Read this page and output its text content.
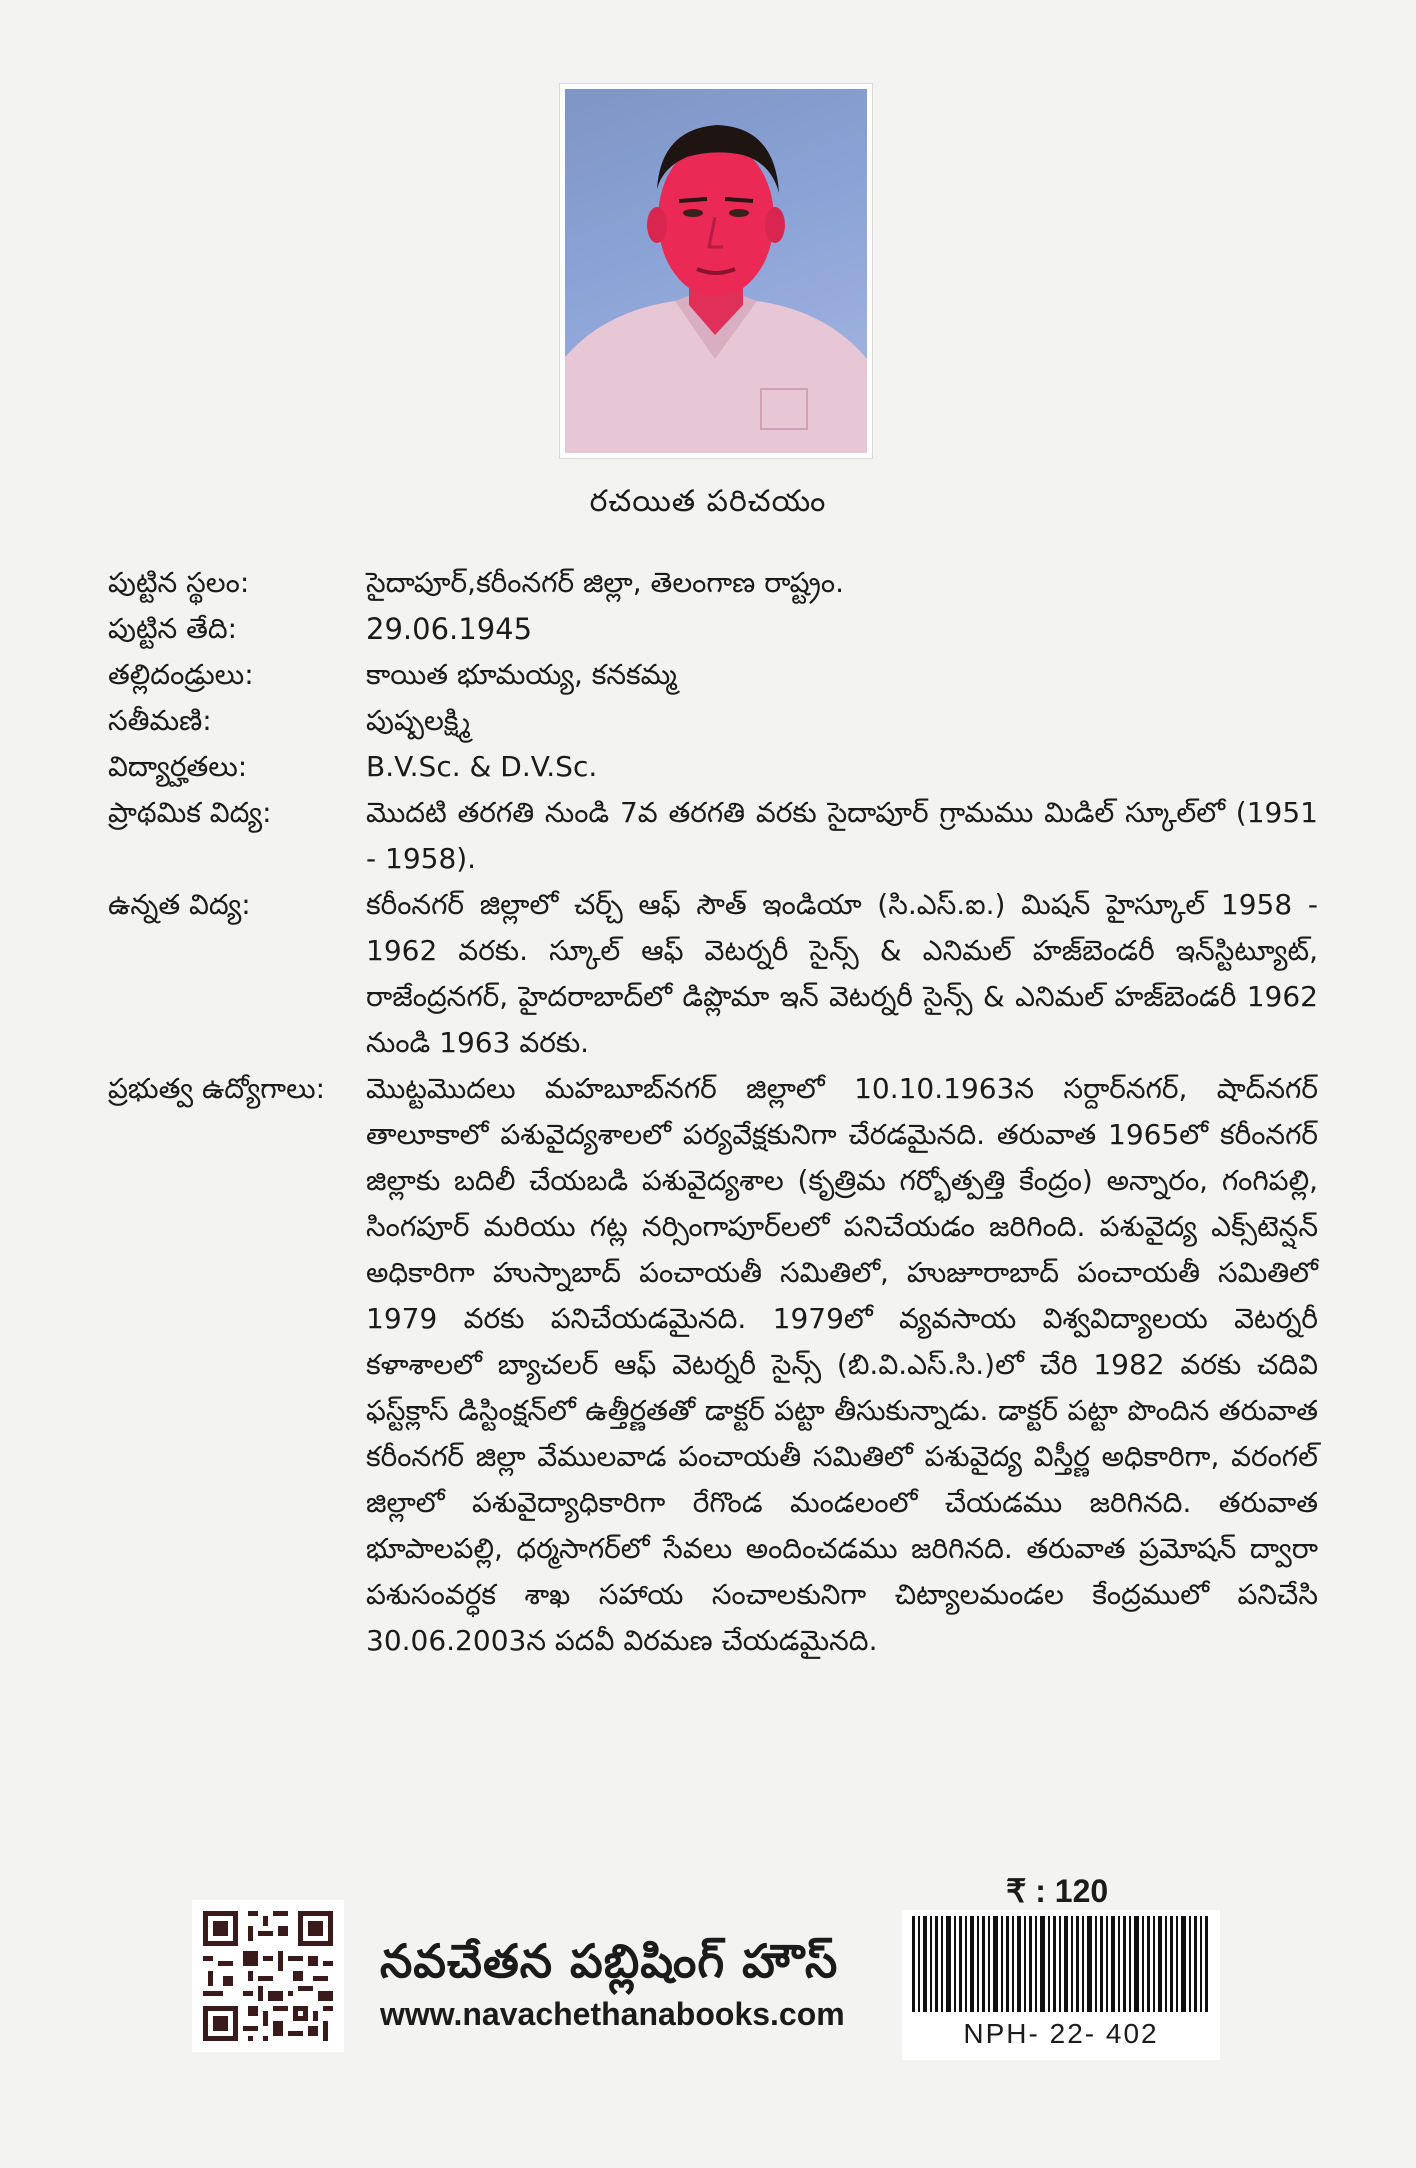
రచయిత పరిచయం
పుట్టిన స్థలం:	సైదాపూర్,కరీంనగర్ జిల్లా, తెలంగాణ రాష్ట్రం.
పుట్టిన తేది:	29.06.1945
తల్లిదండ్రులు:	కాయిత భూమయ్య, కనకమ్మ
సతీమణి:	పుష్పలక్ష్మి
విద్యార్హతలు:	B.V.Sc. & D.V.Sc.
ప్రాథమిక విద్య:	మొదటి తరగతి నుండి 7వ తరగతి వరకు సైదాపూర్ గ్రామము మిడిల్ స్కూల్‌లో (1951 - 1958).
ఉన్నత విద్య:	కరీంనగర్ జిల్లాలో చర్చ్ ఆఫ్ సౌత్ ఇండియా (సి.ఎస్.ఐ.) మిషన్ హైస్కూల్ 1958 - 1962 వరకు. స్కూల్ ఆఫ్ వెటర్నరీ సైన్స్ & ఎనిమల్ హజ్‌బెండరీ ఇన్‌స్టిట్యూట్, రాజేంద్రనగర్, హైదరాబాద్‌లో డిప్లొమా ఇన్ వెటర్నరీ సైన్స్ & ఎనిమల్ హజ్‌బెండరీ 1962 నుండి 1963 వరకు.
ప్రభుత్వ ఉద్యోగాలు:	మొట్టమొదలు మహబూబ్‌నగర్ జిల్లాలో 10.10.1963న సర్దార్‌నగర్, షాద్‌నగర్ తాలూకాలో పశువైద్యశాలలో పర్యవేక్షకునిగా చేరడమైనది. తరువాత 1965లో కరీంనగర్ జిల్లాకు బదిలీ చేయబడి పశువైద్యశాల (కృత్రిమ గర్భోత్పత్తి కేంద్రం) అన్నారం, గంగిపల్లి, సింగపూర్ మరియు గట్ల నర్సింగాపూర్‌లలో పనిచేయడం జరిగింది. పశువైద్య ఎక్స్‌టెన్షన్ అధికారిగా హుస్నాబాద్ పంచాయతీ సమితిలో, హుజూరాబాద్ పంచాయతీ సమితిలో 1979 వరకు పనిచేయడమైనది. 1979లో వ్యవసాయ విశ్వవిద్యాలయ వెటర్నరీ కళాశాలలో బ్యాచలర్ ఆఫ్ వెటర్నరీ సైన్స్ (బి.వి.ఎస్.సి.)లో చేరి 1982 వరకు చదివి ఫస్ట్‌క్లాస్ డిస్టింక్షన్‌లో ఉత్తీర్ణతతో డాక్టర్ పట్టా తీసుకున్నాడు. డాక్టర్ పట్టా పొందిన తరువాత కరీంనగర్ జిల్లా వేములవాడ పంచాయతీ సమితిలో పశువైద్య విస్తీర్ణ అధికారిగా, వరంగల్ జిల్లాలో పశువైద్యాధికారిగా రేగొండ మండలంలో చేయడము జరిగినది. తరువాత భూపాలపల్లి, ధర్మసాగర్‌లో సేవలు అందించడము జరిగినది. తరువాత ప్రమోషన్ ద్వారా పశుసంవర్ధక శాఖ సహాయ సంచాలకునిగా చిట్యాలమండల కేంద్రములో పనిచేసి 30.06.2003న పదవీ విరమణ చేయడమైనది.
₹ : 120
నవచేతన పబ్లిషింగ్ హౌస్
www.navachethanabooks.com
NPH- 22- 402
